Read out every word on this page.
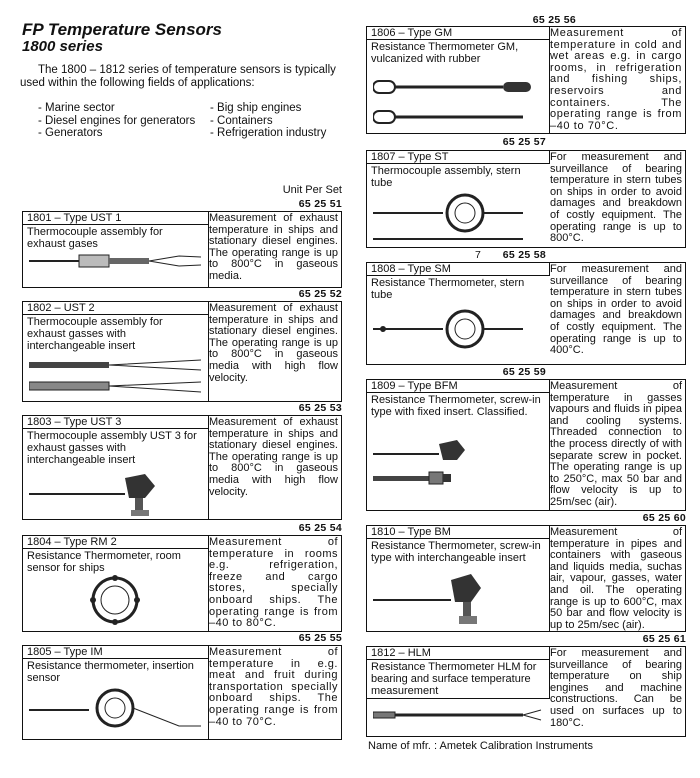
FP Temperature Sensors
1800 series
The 1800 – 1812 series of temperature sensors is typically used within the following fields of applications:
- Marine sector	- Big ship engines
- Diesel engines for generators	- Containers
- Generators	- Refrigeration industry
Unit Per Set
65 25 51
1801 – Type UST 1
Thermocouple assembly for exhaust gases
Measurement of exhaust temperature in ships and stationary diesel engines. The operating range is up to 800°C in gaseous media.
65 25 52
1802 – UST 2
Thermocouple assembly for exhaust gasses with interchangeable insert
Measurement of exhaust temperature in ships and stationary diesel engines. The operating range is up to 800°C in gaseous media with high flow velocity.
65 25 53
1803 – Type UST 3
Thermocouple assembly UST 3 for exhaust gasses with interchangeable insert
Measurement of exhaust temperature in ships and stationary diesel engines. The operating range is up to 800°C in gaseous media with high flow velocity.
65 25 54
1804 – Type RM 2
Resistance Thermometer, room sensor for ships
Measurement of temperature in rooms e.g. refrigeration, freeze and cargo stores, specially onboard ships. The operating range is from –40 to 80°C.
65 25 55
1805 – Type IM
Resistance thermometer, insertion sensor
Measurement of temperature in e.g. meat and fruit during transportation specially onboard ships. The operating range is from –40 to 70°C.
65 25 56
1806 – Type GM
Resistance Thermometer GM, vulcanized with rubber
Measurement of temperature in cold and wet areas e.g. in cargo rooms, in refrigeration and fishing ships, reservoirs and containers. The operating range is from –40 to 70°C.
65 25 57
1807 – Type ST
Thermocouple assembly, stern tube
For measurement and surveillance of bearing temperature in stern tubes on ships in order to avoid damages and breakdown of costly equipment. The operating range is up to 800°C.
7 65 25 58
1808 – Type SM
Resistance Thermometer, stern tube
For measurement and surveillance of bearing temperature in stern tubes on ships in order to avoid damages and breakdown of costly equipment. The operating range is up to 400°C.
65 25 59
1809 – Type BFM
Resistance Thermometer, screw-in type with fixed insert. Classified.
Measurement of temperature in gasses vapours and fluids in pipea and cooling systems. Threaded connection to the process directly of with separate screw in pocket. The operating range is up to 250°C, max 50 bar and flow velocity is up to 25m/sec (air).
65 25 60
1810 – Type BM
Resistance Thermometer, screw-in type with interchangeable insert
Measurement of temperature in pipes and containers with gaseous and liquids media, suchas air, vapour, gasses, water and oil. The operating range is up to 600°C, max 50 bar and flow velocity is up to 25m/sec (air).
65 25 61
1812 – HLM
Resistance Thermometer HLM for bearing and surface temperature measurement
For measurement and surveillance of bearing temperature on ship engines and machine constructions. Can be used on surfaces up to 180°C.
Name of mfr. : Ametek Calibration Instruments
